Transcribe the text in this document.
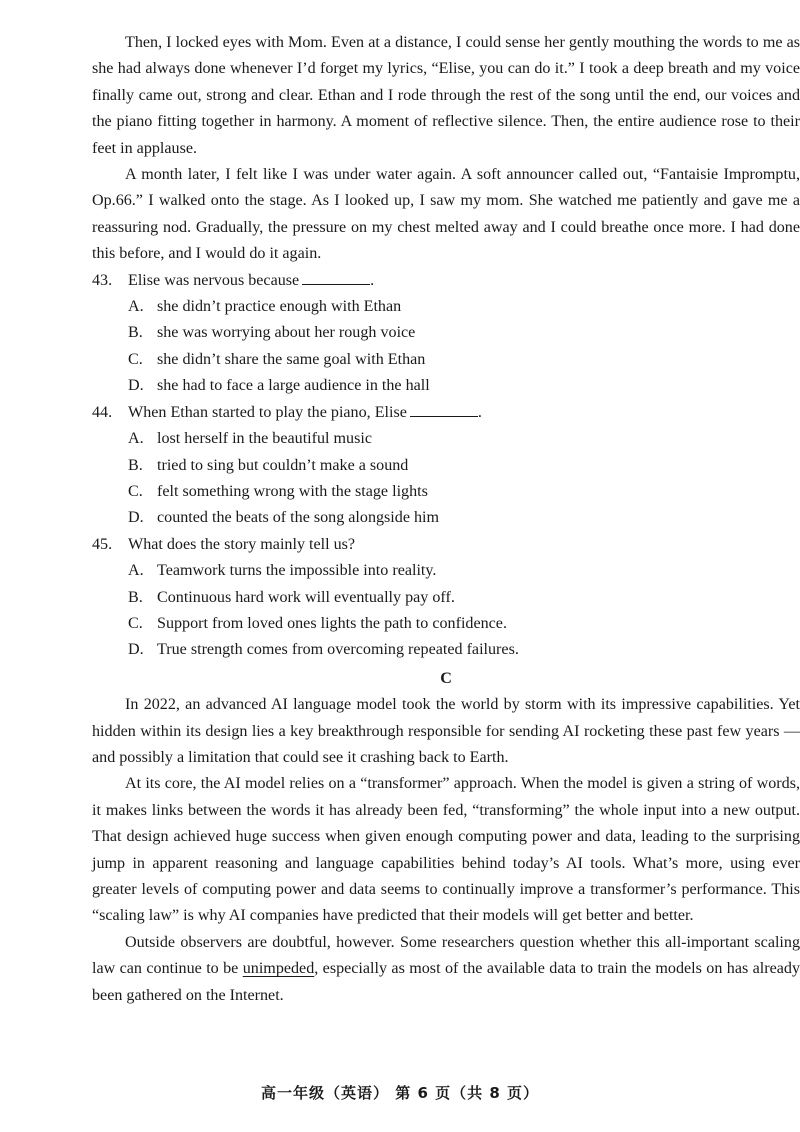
Then, I locked eyes with Mom. Even at a distance, I could sense her gently mouthing the words to me as she had always done whenever I’d forget my lyrics, “Elise, you can do it.” I took a deep breath and my voice finally came out, strong and clear. Ethan and I rode through the rest of the song until the end, our voices and the piano fitting together in harmony. A moment of reflective silence. Then, the entire audience rose to their feet in applause.

A month later, I felt like I was under water again. A soft announcer called out, “Fantaisie Impromptu, Op.66.” I walked onto the stage. As I looked up, I saw my mom. She watched me patiently and gave me a reassuring nod. Gradually, the pressure on my chest melted away and I could breathe once more. I had done this before, and I would do it again.

43. Elise was nervous because	.
A. she didn’t practice enough with Ethan
B. she was worrying about her rough voice
C. she didn’t share the same goal with Ethan
D. she had to face a large audience in the hall
44. When Ethan started to play the piano, Elise	.
A. lost herself in the beautiful music
B. tried to sing but couldn’t make a sound
C. felt something wrong with the stage lights
D. counted the beats of the song alongside him
45. What does the story mainly tell us?
A. Teamwork turns the impossible into reality.
B. Continuous hard work will eventually pay off.
C. Support from loved ones lights the path to confidence.
D. True strength comes from overcoming repeated failures.

C

In 2022, an advanced AI language model took the world by storm with its impressive capabilities. Yet hidden within its design lies a key breakthrough responsible for sending AI rocketing these past few years — and possibly a limitation that could see it crashing back to Earth.

At its core, the AI model relies on a “transformer” approach. When the model is given a string of words, it makes links between the words it has already been fed, “transforming” the whole input into a new output. That design achieved huge success when given enough computing power and data, leading to the surprising jump in apparent reasoning and language capabilities behind today’s AI tools. What’s more, using ever greater levels of computing power and data seems to continually improve a transformer’s performance. This “scaling law” is why AI companies have predicted that their models will get better and better.

Outside observers are doubtful, however. Some researchers question whether this all-important scaling law can continue to be unimpeded, especially as most of the available data to train the models on has already been gathered on the Internet.

高一年级（英语） 第 6 页（共 8 页）
